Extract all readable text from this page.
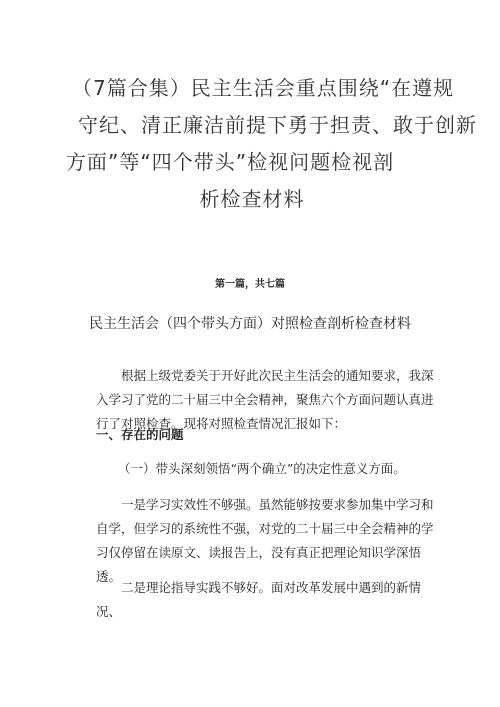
（7篇合集）民主生活会重点围绕“在遵规
守纪、清正廉洁前提下勇于担责、敢于创新
方面”等“四个带头”检视问题检视剖
析检查材料
第一篇，共七篇
民主生活会（四个带头方面）对照检查剖析检查材料
根据上级党委关于开好此次民主生活会的通知要求，我深入学习了党的二十届三中全会精神，聚焦六个方面问题认真进行了对照检查。现将对照检查情况汇报如下：
一、存在的问题
（一）带头深刻领悟“两个确立”的决定性意义方面。
一是学习实效性不够强。虽然能够按要求参加集中学习和自学，但学习的系统性不强，对党的二十届三中全会精神的学习仅停留在读原文、读报告上，没有真正把理论知识学深悟透。
二是理论指导实践不够好。面对改革发展中遇到的新情况、
